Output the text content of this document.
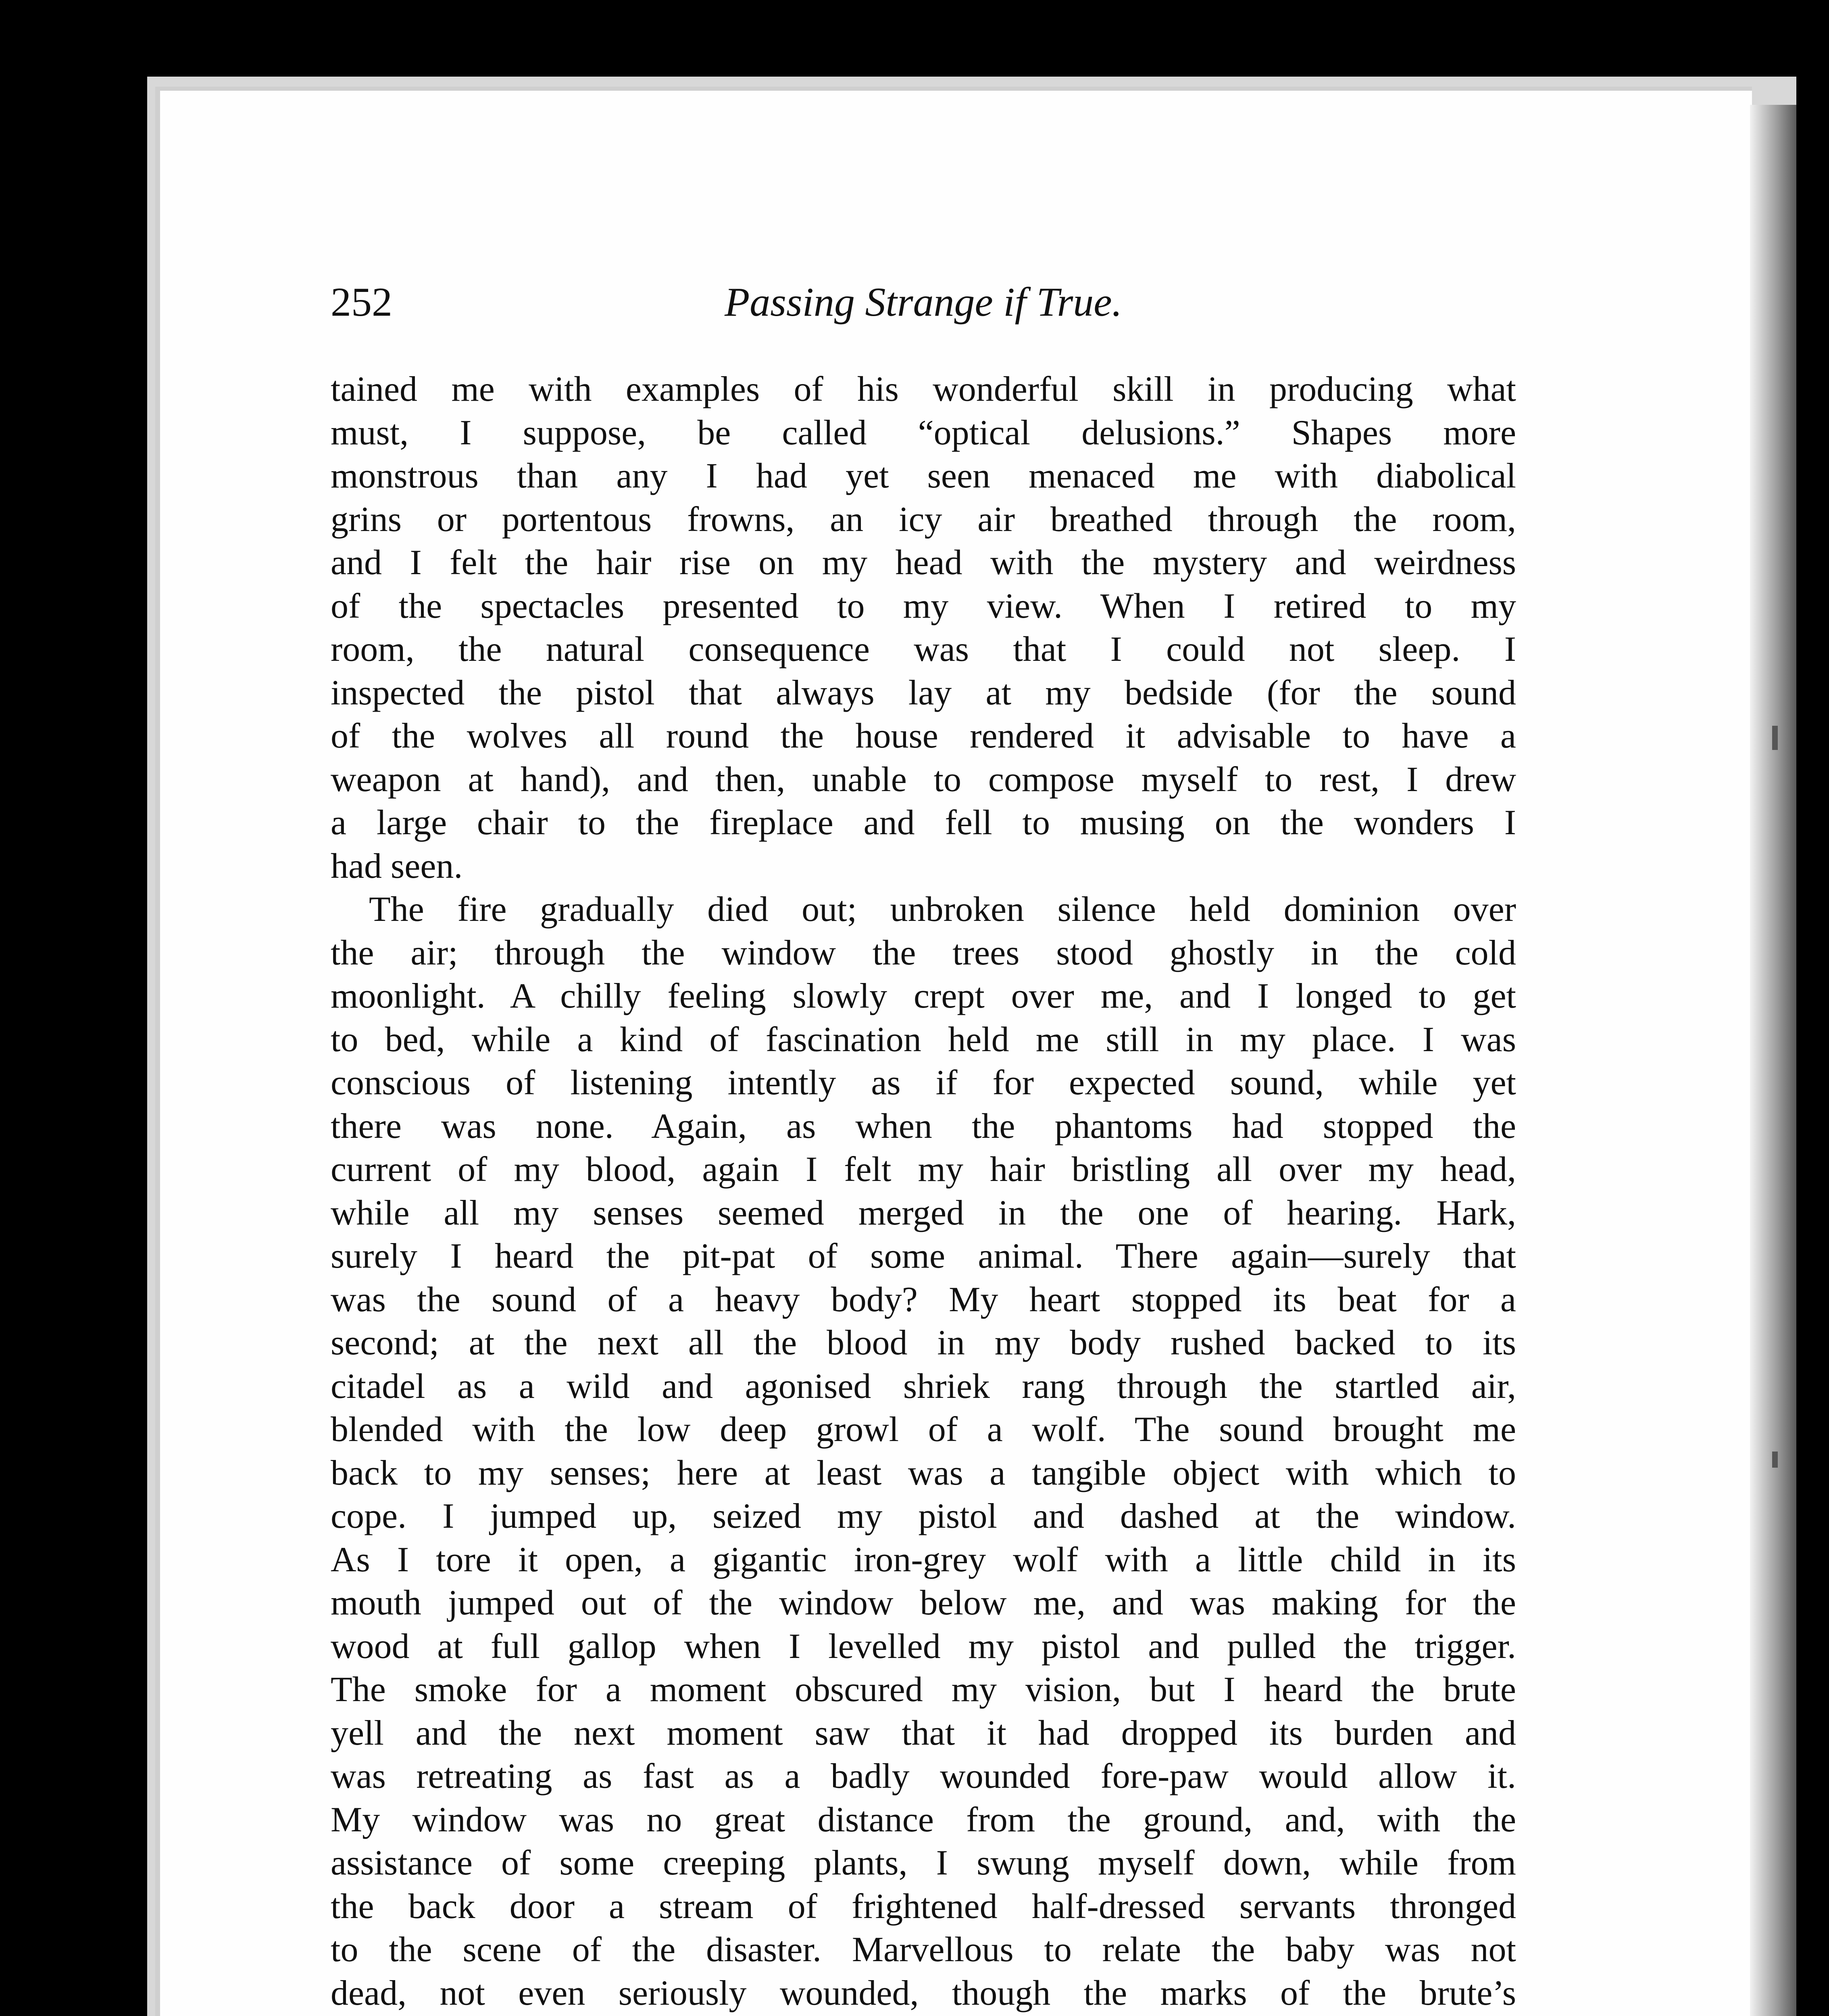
252	Passing Strange if True.
tained me with examples of his wonderful skill in producing what
must, I suppose, be called “optical delusions.” Shapes more
monstrous than any I had yet seen menaced me with diabolical
grins or portentous frowns, an icy air breathed through the room,
and I felt the hair rise on my head with the mystery and weirdness
of the spectacles presented to my view. When I retired to my
room, the natural consequence was that I could not sleep. I
inspected the pistol that always lay at my bedside (for the sound
of the wolves all round the house rendered it advisable to have a
weapon at hand), and then, unable to compose myself to rest, I drew
a large chair to the fireplace and fell to musing on the wonders I
had seen.
The fire gradually died out; unbroken silence held dominion over
the air; through the window the trees stood ghostly in the cold
moonlight. A chilly feeling slowly crept over me, and I longed to get
to bed, while a kind of fascination held me still in my place. I was
conscious of listening intently as if for expected sound, while yet
there was none. Again, as when the phantoms had stopped the
current of my blood, again I felt my hair bristling all over my head,
while all my senses seemed merged in the one of hearing. Hark,
surely I heard the pit-pat of some animal. There again—surely that
was the sound of a heavy body? My heart stopped its beat for a
second; at the next all the blood in my body rushed backed to its
citadel as a wild and agonised shriek rang through the startled air,
blended with the low deep growl of a wolf. The sound brought me
back to my senses; here at least was a tangible object with which to
cope. I jumped up, seized my pistol and dashed at the window.
As I tore it open, a gigantic iron-grey wolf with a little child in its
mouth jumped out of the window below me, and was making for the
wood at full gallop when I levelled my pistol and pulled the trigger.
The smoke for a moment obscured my vision, but I heard the brute
yell and the next moment saw that it had dropped its burden and
was retreating as fast as a badly wounded fore-paw would allow it.
My window was no great distance from the ground, and, with the
assistance of some creeping plants, I swung myself down, while from
the back door a stream of frightened half-dressed servants thronged
to the scene of the disaster. Marvellous to relate the baby was not
dead, not even seriously wounded, though the marks of the brute’s
